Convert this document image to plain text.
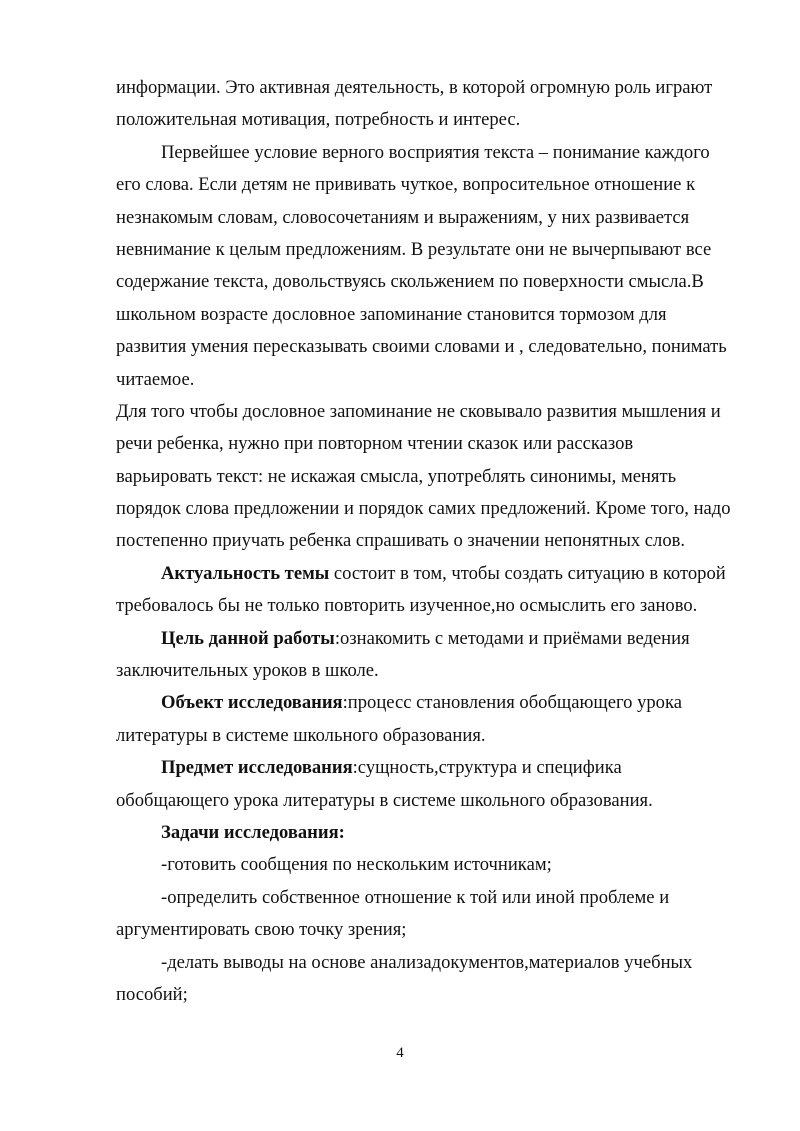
информации. Это активная деятельность, в которой огромную роль играют
положительная мотивация, потребность и интерес.
Первейшее условие верного восприятия текста – понимание каждого
его слова. Если детям не прививать чуткое, вопросительное отношение к
незнакомым словам, словосочетаниям и выражениям, у них развивается
невнимание к целым предложениям. В результате они не вычерпывают все
содержание текста, довольствуясь скольжением по поверхности смысла.В
школьном возрасте дословное запоминание становится тормозом для
развития умения пересказывать своими словами и , следовательно, понимать
читаемое.
Для того чтобы дословное запоминание не сковывало развития мышления и
речи ребенка, нужно при повторном чтении сказок или рассказов
варьировать текст: не искажая смысла, употреблять синонимы, менять
порядок слова предложении и порядок самих предложений. Кроме того, надо
постепенно приучать ребенка спрашивать о значении непонятных слов.
Актуальность темы состоит в том, чтобы создать ситуацию в которой
требовалось бы не только повторить изученное,но осмыслить его заново.
Цель данной работы:ознакомить с методами и приёмами ведения
заключительных уроков в школе.
Объект исследования:процесс становления обобщающего урока
литературы в системе школьного образования.
Предмет исследования:сущность,структура и специфика
обобщающего урока литературы в системе школьного образования.
Задачи исследования:
-готовить сообщения по нескольким источникам;
-определить собственное отношение к той или иной проблеме и
аргументировать свою точку зрения;
-делать выводы на основе анализадокументов,материалов учебных
пособий;
4
